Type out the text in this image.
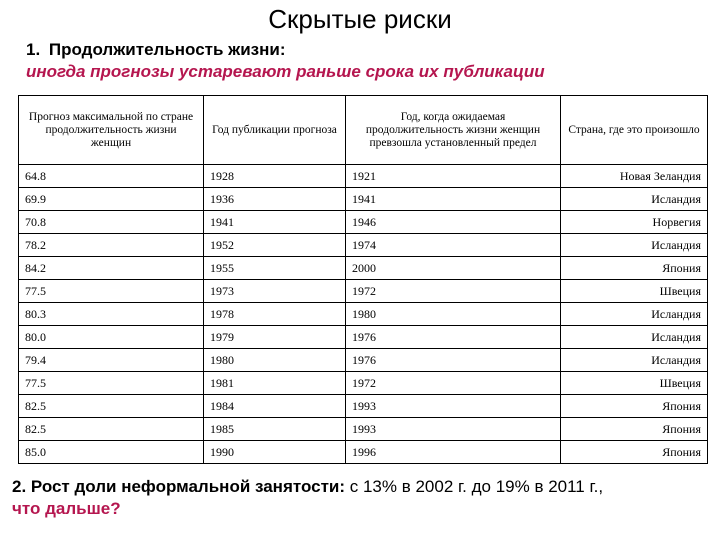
Скрытые риски
1. Продолжительность жизни:
иногда прогнозы устаревают раньше срока их публикации
Прогноз максимальной по стране продолжительность жизни женщин	Год публикации прогноза	Год, когда ожидаемая продолжительность жизни женщин превзошла установленный предел	Страна, где это произошло
64.8	1928	1921	Новая Зеландия
69.9	1936	1941	Исландия
70.8	1941	1946	Норвегия
78.2	1952	1974	Исландия
84.2	1955	2000	Япония
77.5	1973	1972	Швеция
80.3	1978	1980	Исландия
80.0	1979	1976	Исландия
79.4	1980	1976	Исландия
77.5	1981	1972	Швеция
82.5	1984	1993	Япония
82.5	1985	1993	Япония
85.0	1990	1996	Япония
2. Рост доли неформальной занятости: с 13% в 2002 г. до 19% в 2011 г.,
что дальше?
